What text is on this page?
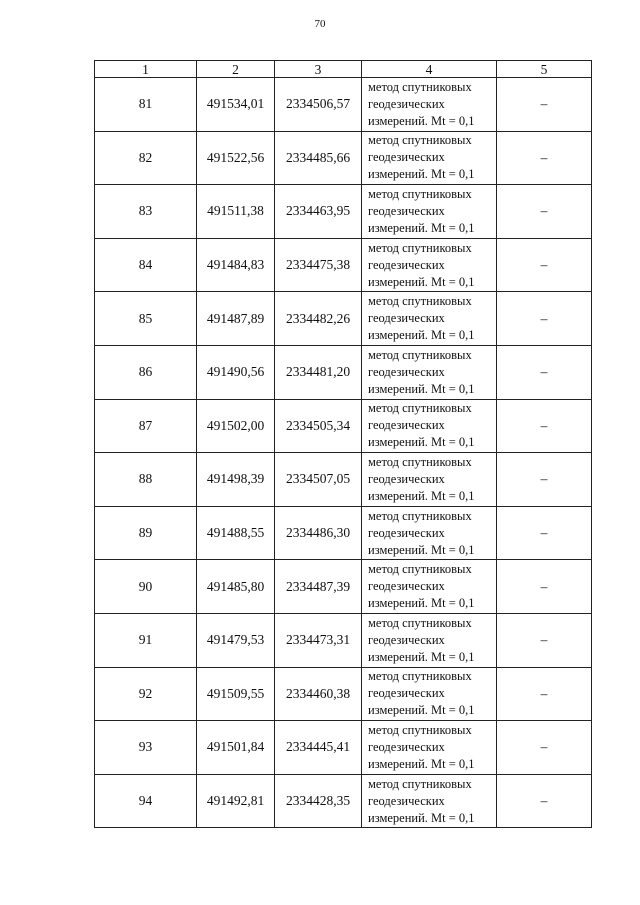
70
1	2	3	4	5
81	491534,01	2334506,57	метод спутниковых
геодезических
измерений. Mt = 0,1	–
82	491522,56	2334485,66	метод спутниковых
геодезических
измерений. Mt = 0,1	–
83	491511,38	2334463,95	метод спутниковых
геодезических
измерений. Mt = 0,1	–
84	491484,83	2334475,38	метод спутниковых
геодезических
измерений. Mt = 0,1	–
85	491487,89	2334482,26	метод спутниковых
геодезических
измерений. Mt = 0,1	–
86	491490,56	2334481,20	метод спутниковых
геодезических
измерений. Mt = 0,1	–
87	491502,00	2334505,34	метод спутниковых
геодезических
измерений. Mt = 0,1	–
88	491498,39	2334507,05	метод спутниковых
геодезических
измерений. Mt = 0,1	–
89	491488,55	2334486,30	метод спутниковых
геодезических
измерений. Mt = 0,1	–
90	491485,80	2334487,39	метод спутниковых
геодезических
измерений. Mt = 0,1	–
91	491479,53	2334473,31	метод спутниковых
геодезических
измерений. Mt = 0,1	–
92	491509,55	2334460,38	метод спутниковых
геодезических
измерений. Mt = 0,1	–
93	491501,84	2334445,41	метод спутниковых
геодезических
измерений. Mt = 0,1	–
94	491492,81	2334428,35	метод спутниковых
геодезических
измерений. Mt = 0,1	–
